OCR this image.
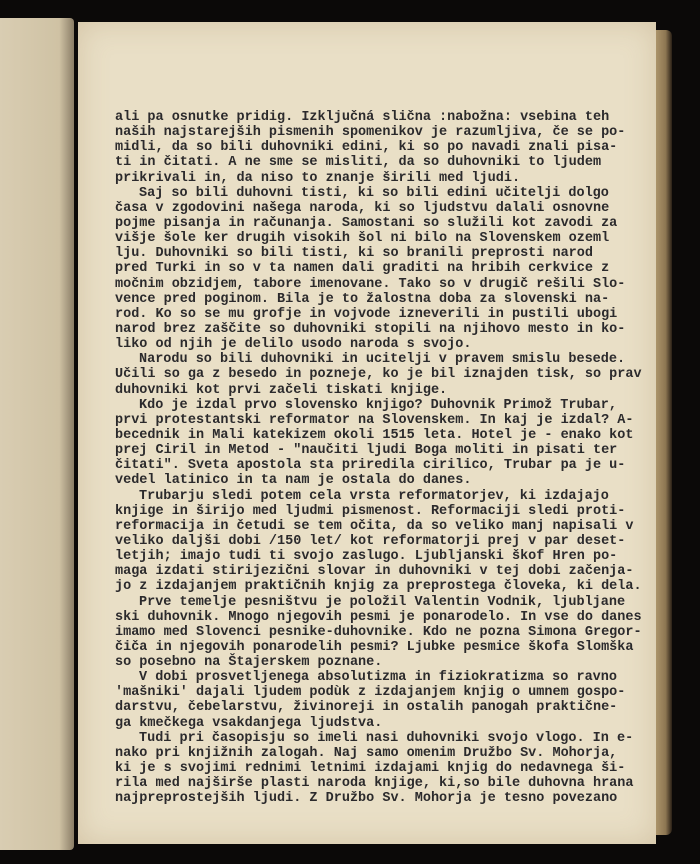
ali pa osnutke pridig. Izključná slična :nabožna: vsebina teh
naših najstarejših pismenih spomenikov je razumljiva, če se po-
midli, da so bili duhovniki edini, ki so po navadi znali pisa-
ti in čitati. A ne sme se misliti, da so duhovniki to ljudem
prikrivali in, da niso to znanje širili med ljudi.
Saj so bili duhovni tisti, ki so bili edini učitelji dolgo
časa v zgodovini našega naroda, ki so ljudstvu dalali osnovne
pojme pisanja in računanja. Samostani so služili kot zavodi za
višje šole ker drugih visokih šol ni bilo na Slovenskem ozeml
lju. Duhovniki so bili tisti, ki so branili preprosti narod
pred Turki in so v ta namen dali graditi na hribih cerkvice z
močnim obzidjem, tabore imenovane. Tako so v drugič rešili Slo-
vence pred poginom. Bila je to žalostna doba za slovenski na-
rod. Ko so se mu grofje in vojvode izneverili in pustili ubogi
narod brez zaščite so duhovniki stopili na njihovo mesto in ko-
liko od njih je delilo usodo naroda s svojo.
Narodu so bili duhovniki in ucitelji v pravem smislu besede.
Učili so ga z besedo in pozneje, ko je bil iznajden tisk, so prav
duhovniki kot prvi začeli tiskati knjige.
Kdo je izdal prvo slovensko knjigo? Duhovnik Primož Trubar,
prvi protestantski reformator na Slovenskem. In kaj je izdal? A-
becednik in Mali katekizem okoli 1515 leta. Hotel je - enako kot
prej Ciril in Metod - "naučiti ljudi Boga moliti in pisati ter
čitati". Sveta apostola sta priredila cirilico, Trubar pa je u-
vedel latinico in ta nam je ostala do danes.
Trubarju sledi potem cela vrsta reformatorjev, ki izdajajo
knjige in širijo med ljudmi pismenost. Reformaciji sledi proti-
reformacija in četudi se tem očita, da so veliko manj napisali v
veliko daljši dobi /150 let/ kot reformatorji prej v par deset-
letjih; imajo tudi ti svojo zaslugo. Ljubljanski škof Hren po-
maga izdati stirijezični slovar in duhovniki v tej dobi začenja-
jo z izdajanjem praktičnih knjig za preprostega človeka, ki dela.
Prve temelje pesništvu je položil Valentin Vodnik, ljubljane
ski duhovnik. Mnogo njegovih pesmi je ponarodelo. In vse do danes
imamo med Slovenci pesnike-duhovnike. Kdo ne pozna Simona Gregor-
čiča in njegovih ponarodelih pesmi? Ljubke pesmice škofa Slomška
so posebno na Štajerskem poznane.
V dobi prosvetljenega absolutizma in fiziokratizma so ravno
'mašniki' dajali ljudem podùk z izdajanjem knjig o umnem gospo-
darstvu, čebelarstvu, živinoreji in ostalih panogah praktične-
ga kmečkega vsakdanjega ljudstva.
Tudi pri časopisju so imeli nasi duhovniki svojo vlogo. In e-
nako pri knjižnih zalogah. Naj samo omenim Družbo Sv. Mohorja,
ki je s svojimi rednimi letnimi izdajami knjig do nedavnega ši-
rila med najširše plasti naroda knjige, ki,so bile duhovna hrana
najpreprostejših ljudi. Z Družbo Sv. Mohorja je tesno povezano
